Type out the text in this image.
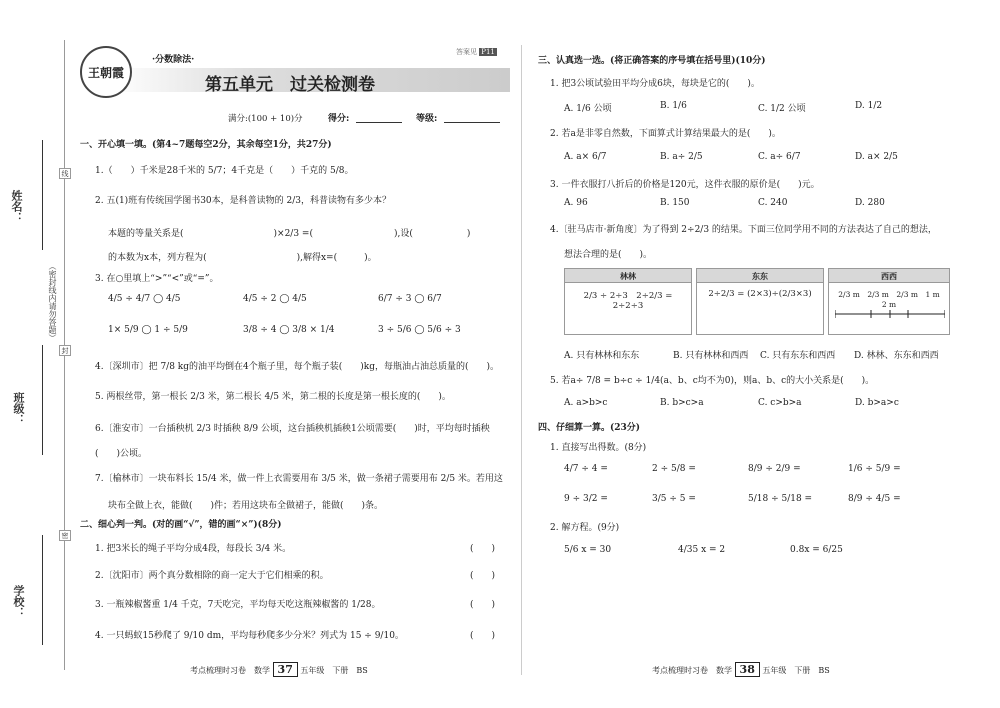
姓名：
班级：
学校：
（密封线内请勿答题）
线
封
密
王朝霞
·分数除法·
答案见 P11
第五单元　过关检测卷
满分:(100 + 10)分	得分:	等级:
一、开心填一填。(第4~7题每空2分，其余每空1分，共27分)
1.（　　）千米是28千米的 5/7；4千克是（　　）千克的 5/8。
2. 五(1)班有传统国学图书30本，是科普读物的 2/3，科普读物有多少本？
本题的等量关系是(　　　　　　　　　　)×2/3 =(　　　　　　　　　),设(　　　　　　)
的本数为x本，列方程为(　　　　　　　　　　),解得x=(　　　)。
3. 在○里填上“>”“<”或“=”。
4/5 ÷ 4/7 ◯ 4/5	4/5 ÷ 2 ◯ 4/5	6/7 ÷ 3 ◯ 6/7
1× 5/9 ◯ 1 ÷ 5/9	3/8 ÷ 4 ◯ 3/8 × 1/4	3 ÷ 5/6 ◯ 5/6 ÷ 3
4.〔深圳市〕把 7/8 kg的油平均倒在4个瓶子里，每个瓶子装(　　)kg，每瓶油占油总质量的(　　)。
5. 两根丝带，第一根长 2/3 米，第二根长 4/5 米，第二根的长度是第一根长度的(　　)。
6.〔淮安市〕一台插秧机 2/3 时插秧 8/9 公顷，这台插秧机插秧1公顷需要(　　)时，平均每时插秧
(　　)公顷。
7.〔榆林市〕一块布料长 15/4 米，做一件上衣需要用布 3/5 米，做一条裙子需要用布 2/5 米。若用这
块布全做上衣，能做(　　)件；若用这块布全做裙子，能做(　　)条。
二、细心判一判。(对的画“√”，错的画“×”)(8分)
1. 把3米长的绳子平均分成4段，每段长 3/4 米。	(　　)
2.〔沈阳市〕两个真分数相除的商一定大于它们相乘的积。	(　　)
3. 一瓶辣椒酱重 1/4 千克，7天吃完，平均每天吃这瓶辣椒酱的 1/28。	(　　)
4. 一只蚂蚁15秒爬了 9/10 dm，平均每秒爬多少分米？列式为 15 ÷ 9/10。	(　　)
考点梳理时习卷　数学 37 五年级　下册　BS
三、认真选一选。(将正确答案的序号填在括号里)(10分)
1. 把3公顷试验田平均分成6块，每块是它的(　　)。
A. 1/6 公顷	B. 1/6	C. 1/2 公顷	D. 1/2
2. 若a是非零自然数，下面算式计算结果最大的是(　　)。
A. a× 6/7	B. a÷ 2/5	C. a÷ 6/7	D. a× 2/5
3. 一件衣服打八折后的价格是120元，这件衣服的原价是(　　)元。
A. 96	B. 150	C. 240	D. 280
4.〔驻马店市·新角度〕为了得到 2÷2/3 的结果。下面三位同学用不同的方法表达了自己的想法，
想法合理的是(　　)。
林林
2/3 ÷ 2÷3　2÷2/3 = 2÷2÷3
东东
2÷2/3 = (2×3)÷(2/3×3)
西西
2/3 m　2/3 m　2/3 m　1 m　2 m
A. 只有林林和东东	B. 只有林林和西西 C. 只有东东和西西 D. 林林、东东和西西
5. 若a÷ 7/8 = b÷c ÷ 1/4(a、b、c均不为0)，则a、b、c的大小关系是(　　)。
A. a>b>c	B. b>c>a	C. c>b>a	D. b>a>c
四、仔细算一算。(23分)
1. 直接写出得数。(8分)
4/7 ÷ 4 =	2 ÷ 5/8 =	8/9 ÷ 2/9 =	1/6 ÷ 5/9 =
9 ÷ 3/2 =	3/5 ÷ 5 =	5/18 ÷ 5/18 =	8/9 ÷ 4/5 =
2. 解方程。(9分)
5/6 x = 30	4/35 x = 2	0.8x = 6/25
考点梳理时习卷　数学 38 五年级　下册　BS
